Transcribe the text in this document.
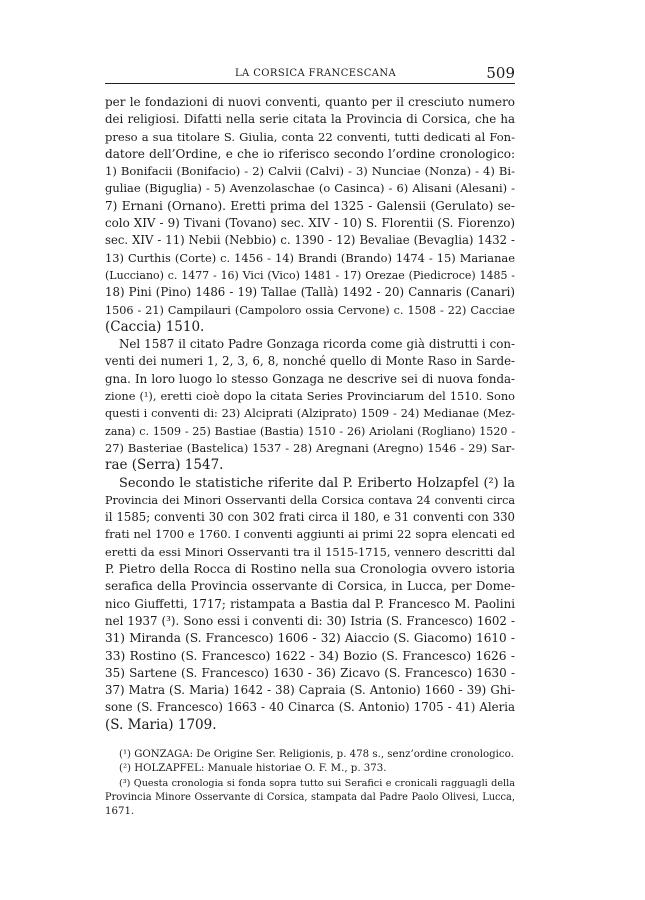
LA CORSICA FRANCESCANA	509
per le fondazioni di nuovi conventi, quanto per il cresciuto numero
dei religiosi. Difatti nella serie citata la Provincia di Corsica, che ha
preso a sua titolare S. Giulia, conta 22 conventi, tutti dedicati al Fon-
datore dell’Ordine, e che io riferisco secondo l’ordine cronologico:
1) Bonifacii (Bonifacio) - 2) Calvii (Calvi) - 3) Nunciae (Nonza) - 4) Bi-
guliae (Biguglia) - 5) Avenzolaschae (o Casinca) - 6) Alisani (Alesani) -
7) Ernani (Ornano). Eretti prima del 1325 - Galensii (Gerulato) se-
colo XIV - 9) Tivani (Tovano) sec. XIV - 10) S. Florentii (S. Fiorenzo)
sec. XIV - 11) Nebii (Nebbio) c. 1390 - 12) Bevaliae (Bevaglia) 1432 -
13) Curthis (Corte) c. 1456 - 14) Brandi (Brando) 1474 - 15) Marianae
(Lucciano) c. 1477 - 16) Vici (Vico) 1481 - 17) Orezae (Piedicroce) 1485 -
18) Pini (Pino) 1486 - 19) Tallae (Tallà) 1492 - 20) Cannaris (Canari)
1506 - 21) Campilauri (Campoloro ossia Cervone) c. 1508 - 22) Cacciae
(Caccia) 1510.
Nel 1587 il citato Padre Gonzaga ricorda come già distrutti i con-
venti dei numeri 1, 2, 3, 6, 8, nonché quello di Monte Raso in Sarde-
gna. In loro luogo lo stesso Gonzaga ne descrive sei di nuova fonda-
zione (¹), eretti cioè dopo la citata Series Provinciarum del 1510. Sono
questi i conventi di: 23) Alciprati (Alziprato) 1509 - 24) Medianae (Mez-
zana) c. 1509 - 25) Bastiae (Bastia) 1510 - 26) Ariolani (Rogliano) 1520 -
27) Basteriae (Bastelica) 1537 - 28) Aregnani (Aregno) 1546 - 29) Sar-
rae (Serra) 1547.
Secondo le statistiche riferite dal P. Eriberto Holzapfel (²) la
Provincia dei Minori Osservanti della Corsica contava 24 conventi circa
il 1585; conventi 30 con 302 frati circa il 180, e 31 conventi con 330
frati nel 1700 e 1760. I conventi aggiunti ai primi 22 sopra elencati ed
eretti da essi Minori Osservanti tra il 1515-1715, vennero descritti dal
P. Pietro della Rocca di Rostino nella sua Cronologia ovvero istoria
serafica della Provincia osservante di Corsica, in Lucca, per Dome-
nico Giuffetti, 1717; ristampata a Bastia dal P. Francesco M. Paolini
nel 1937 (³). Sono essi i conventi di: 30) Istria (S. Francesco) 1602 -
31) Miranda (S. Francesco) 1606 - 32) Aiaccio (S. Giacomo) 1610 -
33) Rostino (S. Francesco) 1622 - 34) Bozio (S. Francesco) 1626 -
35) Sartene (S. Francesco) 1630 - 36) Zicavo (S. Francesco) 1630 -
37) Matra (S. Maria) 1642 - 38) Capraia (S. Antonio) 1660 - 39) Ghi-
sone (S. Francesco) 1663 - 40 Cinarca (S. Antonio) 1705 - 41) Aleria
(S. Maria) 1709.
(¹) GONZAGA: De Origine Ser. Religionis, p. 478 s., senz’ordine cronologico.
(²) HOLZAPFEL: Manuale historiae O. F. M., p. 373.
(³) Questa cronologia si fonda sopra tutto sui Serafici e cronicali ragguagli della
Provincia Minore Osservante di Corsica, stampata dal Padre Paolo Olivesi, Lucca,
1671.
